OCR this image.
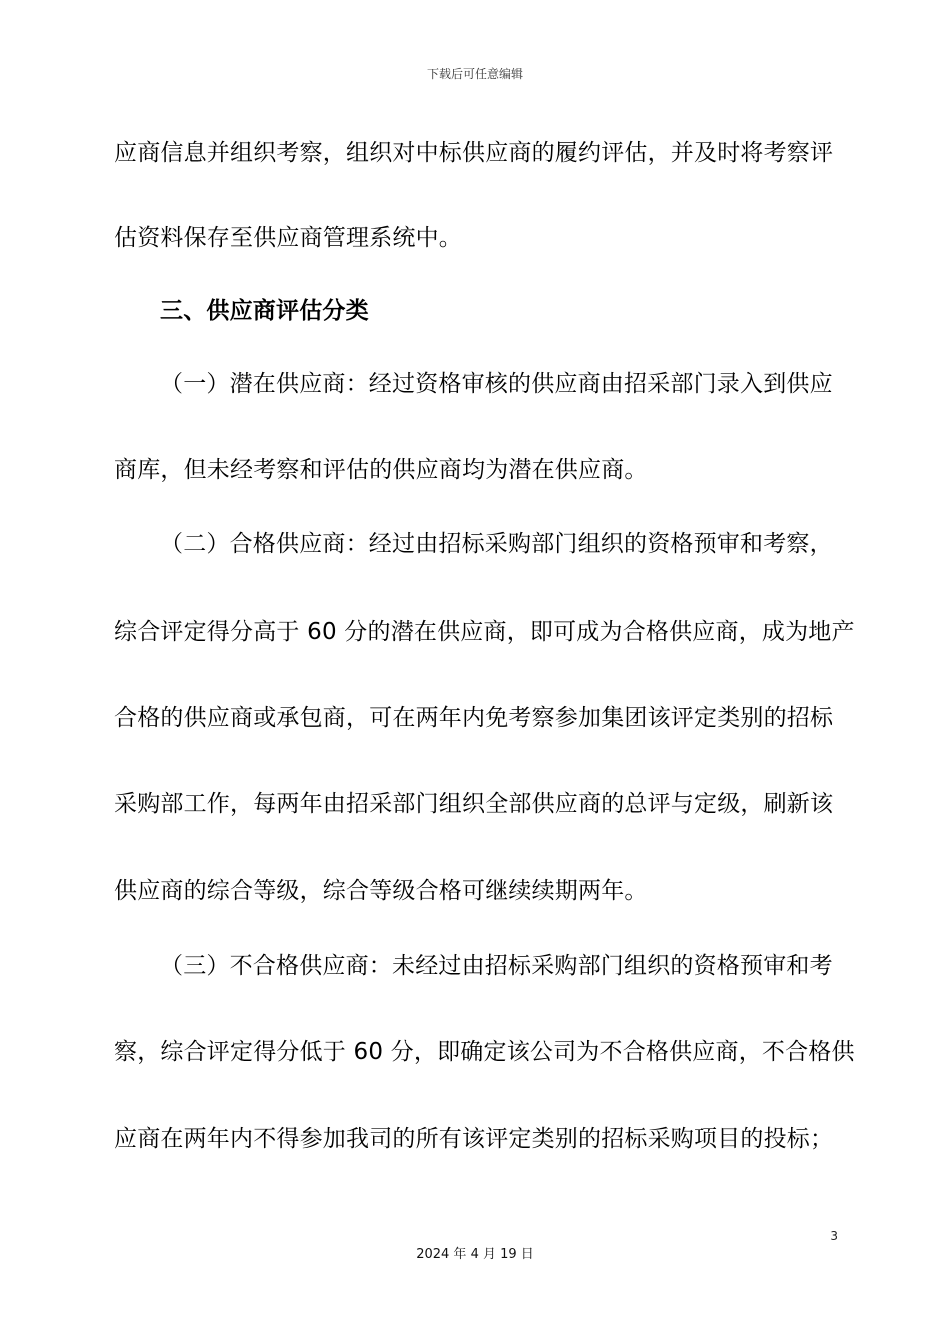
下载后可任意编辑
应商信息并组织考察，组织对中标供应商的履约评估，并及时将考察评
估资料保存至供应商管理系统中。
三、供应商评估分类
（一）潜在供应商：经过资格审核的供应商由招采部门录入到供应
商库，但未经考察和评估的供应商均为潜在供应商。
（二）合格供应商：经过由招标采购部门组织的资格预审和考察，
综合评定得分高于 60 分的潜在供应商，即可成为合格供应商，成为地产
合格的供应商或承包商，可在两年内免考察参加集团该评定类别的招标
采购部工作，每两年由招采部门组织全部供应商的总评与定级，刷新该
供应商的综合等级，综合等级合格可继续续期两年。
（三）不合格供应商：未经过由招标采购部门组织的资格预审和考
察，综合评定得分低于 60 分，即确定该公司为不合格供应商，不合格供
应商在两年内不得参加我司的所有该评定类别的招标采购项目的投标；
3
2024 年 4 月 19 日
